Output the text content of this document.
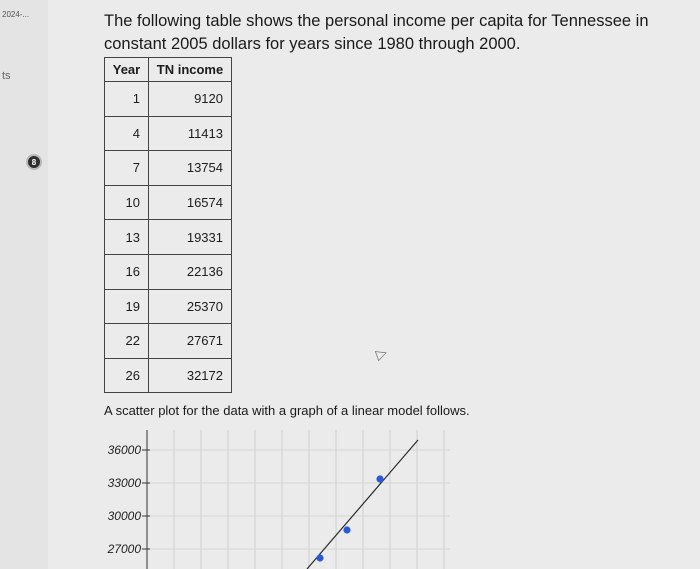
2024-...
ts
8

The following table shows the personal income per capita for Tennessee in constant 2005 dollars for years since 1980 through 2000.

Year	TN income
1	9120
4	11413
7	13754
10	16574
13	19331
16	22136
19	25370
22	27671
26	32172
▷

A scatter plot for the data with a graph of a linear model follows.

36000
33000
30000
27000
